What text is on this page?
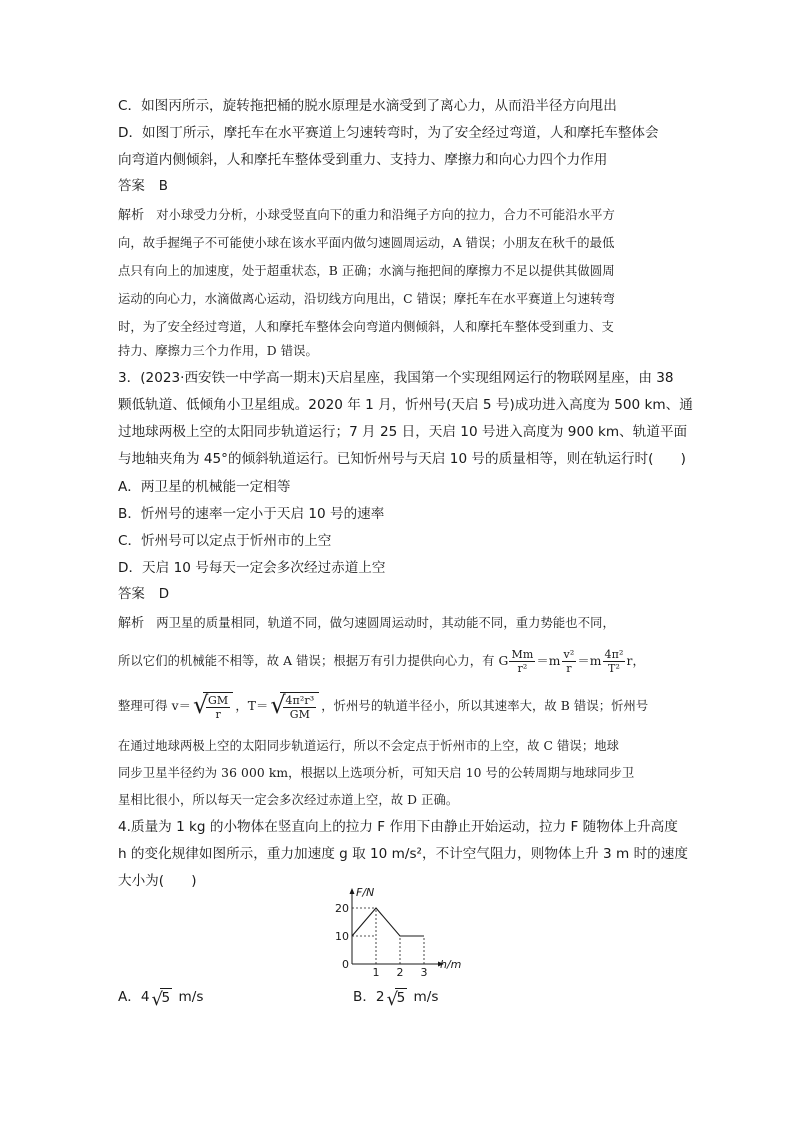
C．如图丙所示，旋转拖把桶的脱水原理是水滴受到了离心力，从而沿半径方向甩出
D．如图丁所示，摩托车在水平赛道上匀速转弯时，为了安全经过弯道，人和摩托车整体会
向弯道内侧倾斜，人和摩托车整体受到重力、支持力、摩擦力和向心力四个力作用
答案 B
解析 对小球受力分析，小球受竖直向下的重力和沿绳子方向的拉力，合力不可能沿水平方
向，故手握绳子不可能使小球在该水平面内做匀速圆周运动，A 错误；小朋友在秋千的最低
点只有向上的加速度，处于超重状态，B 正确；水滴与拖把间的摩擦力不足以提供其做圆周
运动的向心力，水滴做离心运动，沿切线方向甩出，C 错误；摩托车在水平赛道上匀速转弯
时，为了安全经过弯道，人和摩托车整体会向弯道内侧倾斜，人和摩托车整体受到重力、支
持力、摩擦力三个力作用，D 错误。
3．(2023·西安铁一中学高一期末)天启星座，我国第一个实现组网运行的物联网星座，由 38
颗低轨道、低倾角小卫星组成。2020 年 1 月，忻州号(天启 5 号)成功进入高度为 500 km、通
过地球两极上空的太阳同步轨道运行；7 月 25 日，天启 10 号进入高度为 900 km、轨道平面
与地轴夹角为 45°的倾斜轨道运行。已知忻州号与天启 10 号的质量相等，则在轨运行时(　　)
A．两卫星的机械能一定相等
B．忻州号的速率一定小于天启 10 号的速率
C．忻州号可以定点于忻州市的上空
D．天启 10 号每天一定会多次经过赤道上空
答案 D
解析 两卫星的质量相同，轨道不同，做匀速圆周运动时，其动能不同，重力势能也不同，
所以它们的机械能不相等，故 A 错误；根据万有引力提供向心力，有 G $\frac{Mm}{\text{r²}} =m \frac{\text{v²}}{r} =m \frac{\text{4π²}}{\text{T²}}$ r，
整理可得 v＝ √
$\frac{GM}{r}$ ，T＝ √
$\frac{\text{4π²r³}}{GM}$ ，忻州号的轨道半径小，所以其速率大，故 B 错误；忻州号
在通过地球两极上空的太阳同步轨道运行，所以不会定点于忻州市的上空，故 C 错误；地球
同步卫星半径约为 36 000 km，根据以上选项分析，可知天启 10 号的公转周期与地球同步卫
星相比很小，所以每天一定会多次经过赤道上空，故 D 正确。
4.质量为 1 kg 的小物体在竖直向上的拉力 F 作用下由静止开始运动，拉力 F 随物体上升高度
h 的变化规律如图所示，重力加速度 g 取 10 m/s²，不计空气阻力，则物体上升 3 m 时的速度
大小为(　　)
1 2 3
20
10
0
F/N
h/m
A．4 √
5 m/s	B．2 √
5 m/s
